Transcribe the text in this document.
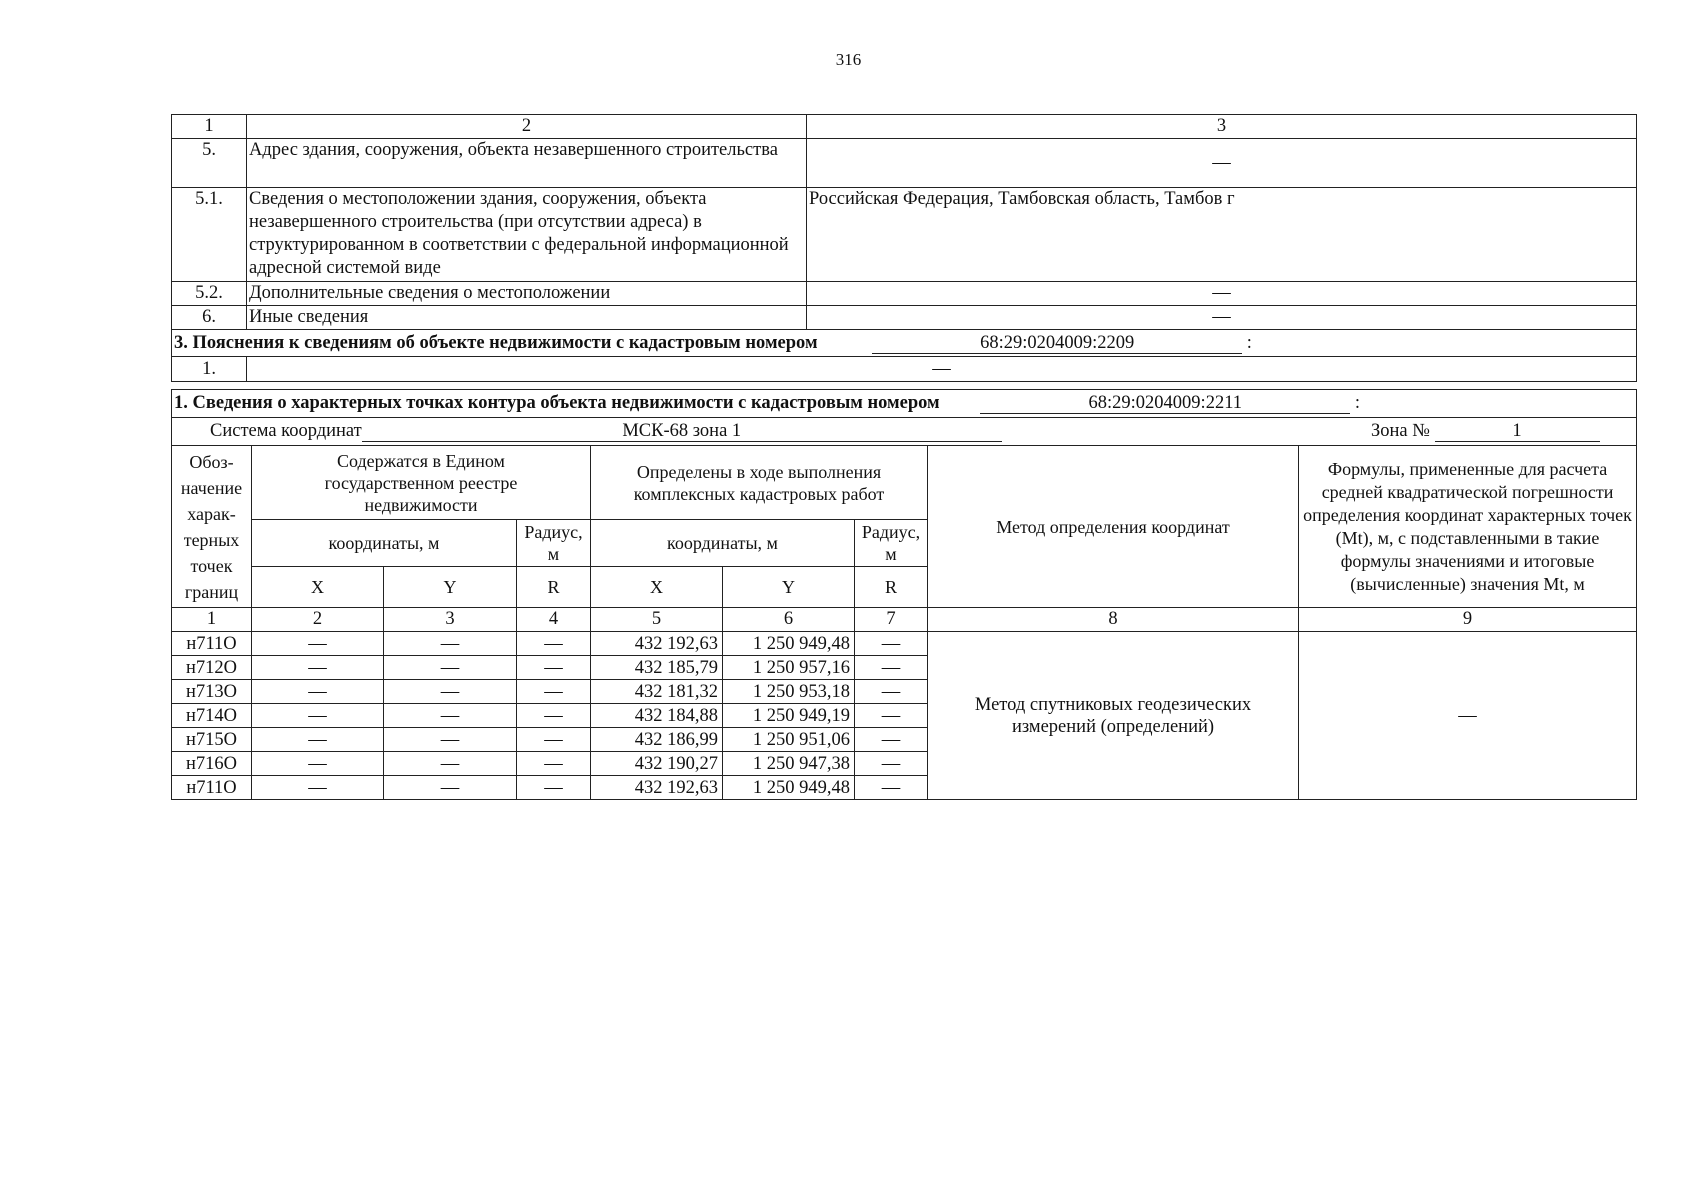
316
1	2	3
5.	Адрес здания, сооружения, объекта незавершенного строительства	—
5.1.	Сведения о местоположении здания, сооружения, объекта незавершенного строительства (при отсутствии адреса) в структурированном в соответствии с федеральной информационной адресной системой виде	Российская Федерация, Тамбовская область, Тамбов г
5.2.	Дополнительные сведения о местоположении	—
6.	Иные сведения	—
3. Пояснения к сведениям об объекте недвижимости с кадастровым номером 68:29:0204009:2209 :		
1.	—	
1. Сведения о характерных точках контура объекта недвижимости с кадастровым номером 68:29:0204009:2211 :								
Система координат МСК-68 зона 1 Зона № 1								
Обоз-начение харак-терных точек границ	Содержатся в Едином государственном реестре недвижимости			Определены в ходе выполнения комплексных кадастровых работ			Метод определения координат	Формулы, примененные для расчета средней квадратической погрешности определения координат характерных точек (Mt), м, с подставленными в такие формулы значениями и итоговые (вычисленные) значения Mt, м
	координаты, м		Радиус, м	координаты, м		Радиус, м		
	X	Y	R	X	Y	R		
1	2	3	4	5	6	7	8	9
н711О	—	—	—	432 192,63	1 250 949,48	—	Метод спутниковых геодезических измерений (определений)	—
н712О	—	—	—	432 185,79	1 250 957,16	—		
н713О	—	—	—	432 181,32	1 250 953,18	—		
н714О	—	—	—	432 184,88	1 250 949,19	—		
н715О	—	—	—	432 186,99	1 250 951,06	—		
н716О	—	—	—	432 190,27	1 250 947,38	—		
н711О	—	—	—	432 192,63	1 250 949,48	—		
